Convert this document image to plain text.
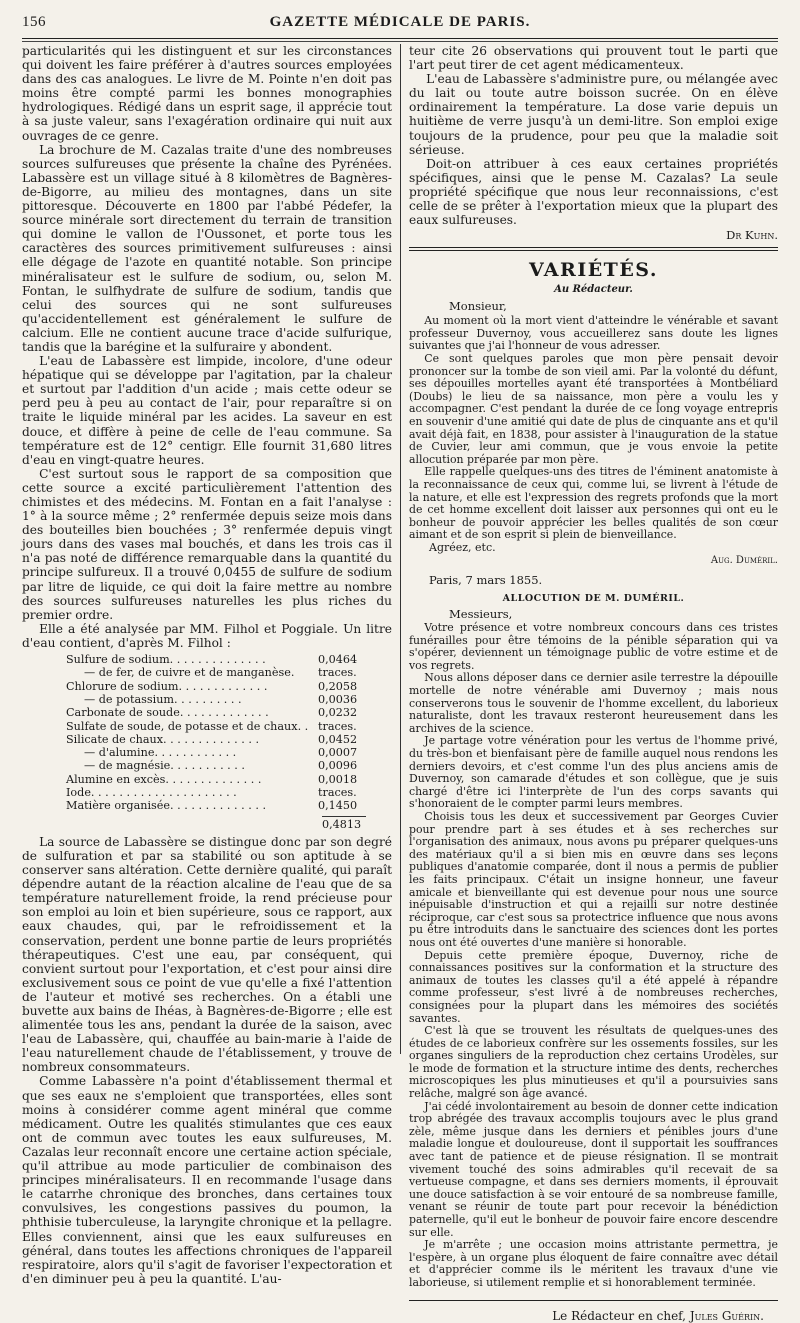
156	GAZETTE MÉDICALE DE PARIS.

particularités qui les distinguent et sur les circonstances qui doivent les faire préférer à d'autres sources employées dans des cas analogues. Le livre de M. Pointe n'en doit pas moins être compté parmi les bonnes monographies hydrologiques. Rédigé dans un esprit sage, il apprécie tout à sa juste valeur, sans l'exagération ordinaire qui nuit aux ouvrages de ce genre.

La brochure de M. Cazalas traite d'une des nombreuses sources sulfureuses que présente la chaîne des Pyrénées. Labassère est un village situé à 8 kilomètres de Bagnères-de-Bigorre, au milieu des montagnes, dans un site pittoresque. Découverte en 1800 par l'abbé Pédefer, la source minérale sort directement du terrain de transition qui domine le vallon de l'Oussonet, et porte tous les caractères des sources primitivement sulfureuses : ainsi elle dégage de l'azote en quantité notable. Son principe minéralisateur est le sulfure de sodium, ou, selon M. Fontan, le sulfhydrate de sulfure de sodium, tandis que celui des sources qui ne sont sulfureuses qu'accidentellement est généralement le sulfure de calcium. Elle ne contient aucune trace d'acide sulfurique, tandis que la barégine et la sulfuraire y abondent.

L'eau de Labassère est limpide, incolore, d'une odeur hépatique qui se développe par l'agitation, par la chaleur et surtout par l'addition d'un acide ; mais cette odeur se perd peu à peu au contact de l'air, pour reparaître si on traite le liquide minéral par les acides. La saveur en est douce, et diffère à peine de celle de l'eau commune. Sa température est de 12° centigr. Elle fournit 31,680 litres d'eau en vingt-quatre heures.

C'est surtout sous le rapport de sa composition que cette source a excité particulièrement l'attention des chimistes et des médecins. M. Fontan en a fait l'analyse : 1° à la source même ; 2° renfermée depuis seize mois dans des bouteilles bien bouchées ; 3° renfermée depuis vingt jours dans des vases mal bouchés, et dans les trois cas il n'a pas noté de différence remarquable dans la quantité du principe sulfureux. Il a trouvé 0,0455 de sulfure de sodium par litre de liquide, ce qui doit la faire mettre au nombre des sources sulfureuses naturelles les plus riches du premier ordre.

Elle a été analysée par MM. Filhol et Poggiale. Un litre d'eau contient, d'après M. Filhol :

Sulfure de sodium. . . . . . . . . . . . . .	0,0464
— de fer, de cuivre et de manganèse.	traces.
Chlorure de sodium. . . . . . . . . . . . .	0,2058
— de potassium. . . . . . . . . .	0,0036
Carbonate de soude. . . . . . . . . . . . .	0,0232
Sulfate de soude, de potasse et de chaux. . traces.
Silicate de chaux. . . . . . . . . . . . . .	0,0452
— d'alumine. . . . . . . . . . . .	0,0007
— de magnésie. . . . . . . . . . .	0,0096
Alumine en excès. . . . . . . . . . . . . .	0,0018
Iode. . . . . . . . . . . . . . . . . . . . .	traces.
Matière organisée. . . . . . . . . . . . . .	0,1450
0,4813

La source de Labassère se distingue donc par son degré de sulfuration et par sa stabilité ou son aptitude à se conserver sans altération. Cette dernière qualité, qui paraît dépendre autant de la réaction alcaline de l'eau que de sa température naturellement froide, la rend précieuse pour son emploi au loin et bien supérieure, sous ce rapport, aux eaux chaudes, qui, par le refroidissement et la conservation, perdent une bonne partie de leurs propriétés thérapeutiques. C'est une eau, par conséquent, qui convient surtout pour l'exportation, et c'est pour ainsi dire exclusivement sous ce point de vue qu'elle a fixé l'attention de l'auteur et motivé ses recherches. On a établi une buvette aux bains de Ihéas, à Bagnères-de-Bigorre ; elle est alimentée tous les ans, pendant la durée de la saison, avec l'eau de Labassère, qui, chauffée au bain-marie à l'aide de l'eau naturellement chaude de l'établissement, y trouve de nombreux consommateurs.

Comme Labassère n'a point d'établissement thermal et que ses eaux ne s'emploient que transportées, elles sont moins à considérer comme agent minéral que comme médicament. Outre les qualités stimulantes que ces eaux ont de commun avec toutes les eaux sulfureuses, M. Cazalas leur reconnaît encore une certaine action spéciale, qu'il attribue au mode particulier de combinaison des principes minéralisateurs. Il en recommande l'usage dans le catarrhe chronique des bronches, dans certaines toux convulsives, les congestions passives du poumon, la phthisie tuberculeuse, la laryngite chronique et la pellagre. Elles conviennent, ainsi que les eaux sulfureuses en général, dans toutes les affections chroniques de l'appareil respiratoire, alors qu'il s'agit de favoriser l'expectoration et d'en diminuer peu à peu la quantité. L'au-

teur cite 26 observations qui prouvent tout le parti que l'art peut tirer de cet agent médicamenteux.

L'eau de Labassère s'administre pure, ou mélangée avec du lait ou toute autre boisson sucrée. On en élève ordinairement la température. La dose varie depuis un huitième de verre jusqu'à un demi-litre. Son emploi exige toujours de la prudence, pour peu que la maladie soit sérieuse.

Doit-on attribuer à ces eaux certaines propriétés spécifiques, ainsi que le pense M. Cazalas? La seule propriété spécifique que nous leur reconnaissions, c'est celle de se prêter à l'exportation mieux que la plupart des eaux sulfureuses.

Dr Kuhn.
VARIÉTÉS.
Au Rédacteur.
Monsieur,

Au moment où la mort vient d'atteindre le vénérable et savant professeur Duvernoy, vous accueillerez sans doute les lignes suivantes que j'ai l'honneur de vous adresser.

Ce sont quelques paroles que mon père pensait devoir prononcer sur la tombe de son vieil ami. Par la volonté du défunt, ses dépouilles mortelles ayant été transportées à Montbéliard (Doubs) le lieu de sa naissance, mon père a voulu les y accompagner. C'est pendant la durée de ce long voyage entrepris en souvenir d'une amitié qui date de plus de cinquante ans et qu'il avait déjà fait, en 1838, pour assister à l'inauguration de la statue de Cuvier, leur ami commun, que je vous envoie la petite allocution préparée par mon père.

Elle rappelle quelques-uns des titres de l'éminent anatomiste à la reconnaissance de ceux qui, comme lui, se livrent à l'étude de la nature, et elle est l'expression des regrets profonds que la mort de cet homme excellent doit laisser aux personnes qui ont eu le bonheur de pouvoir apprécier les belles qualités de son cœur aimant et de son esprit si plein de bienveillance.

Agréez, etc.
Aug. Duméril.
Paris, 7 mars 1855.
ALLOCUTION DE M. DUMÉRIL.
Messieurs,

Votre présence et votre nombreux concours dans ces tristes funérailles pour être témoins de la pénible séparation qui va s'opérer, deviennent un témoignage public de votre estime et de vos regrets.

Nous allons déposer dans ce dernier asile terrestre la dépouille mortelle de notre vénérable ami Duvernoy ; mais nous conserverons tous le souvenir de l'homme excellent, du laborieux naturaliste, dont les travaux resteront heureusement dans les archives de la science.

Je partage votre vénération pour les vertus de l'homme privé, du très-bon et bienfaisant père de famille auquel nous rendons les derniers devoirs, et c'est comme l'un des plus anciens amis de Duvernoy, son camarade d'études et son collègue, que je suis chargé d'être ici l'interprète de l'un des corps savants qui s'honoraient de le compter parmi leurs membres.

Choisis tous les deux et successivement par Georges Cuvier pour prendre part à ses études et à ses recherches sur l'organisation des animaux, nous avons pu préparer quelques-uns des matériaux qu'il a si bien mis en œuvre dans ses leçons publiques d'anatomie comparée, dont il nous a permis de publier les faits principaux. C'était un insigne honneur, une faveur amicale et bienveillante qui est devenue pour nous une source inépuisable d'instruction et qui a rejailli sur notre destinée réciproque, car c'est sous sa protectrice influence que nous avons pu être introduits dans le sanctuaire des sciences dont les portes nous ont été ouvertes d'une manière si honorable.

Depuis cette première époque, Duvernoy, riche de connaissances positives sur la conformation et la structure des animaux de toutes les classes qu'il a été appelé à répandre comme professeur, s'est livré à de nombreuses recherches, consignées pour la plupart dans les mémoires des sociétés savantes.

C'est là que se trouvent les résultats de quelques-unes des études de ce laborieux confrère sur les ossements fossiles, sur les organes singuliers de la reproduction chez certains Urodèles, sur le mode de formation et la structure intime des dents, recherches microscopiques les plus minutieuses et qu'il a poursuivies sans relâche, malgré son âge avancé.

J'ai cédé involontairement au besoin de donner cette indication trop abrégée des travaux accomplis toujours avec le plus grand zèle, même jusque dans les derniers et pénibles jours d'une maladie longue et douloureuse, dont il supportait les souffrances avec tant de patience et de pieuse résignation. Il se montrait vivement touché des soins admirables qu'il recevait de sa vertueuse compagne, et dans ses derniers moments, il éprouvait une douce satisfaction à se voir entouré de sa nombreuse famille, venant se réunir de toute part pour recevoir la bénédiction paternelle, qu'il eut le bonheur de pouvoir faire encore descendre sur elle.

Je m'arrête ; une occasion moins attristante permettra, je l'espère, à un organe plus éloquent de faire connaître avec détail et d'apprécier comme ils le méritent les travaux d'une vie laborieuse, si utilement remplie et si honorablement terminée.

Le Rédacteur en chef, Jules Guérin.
